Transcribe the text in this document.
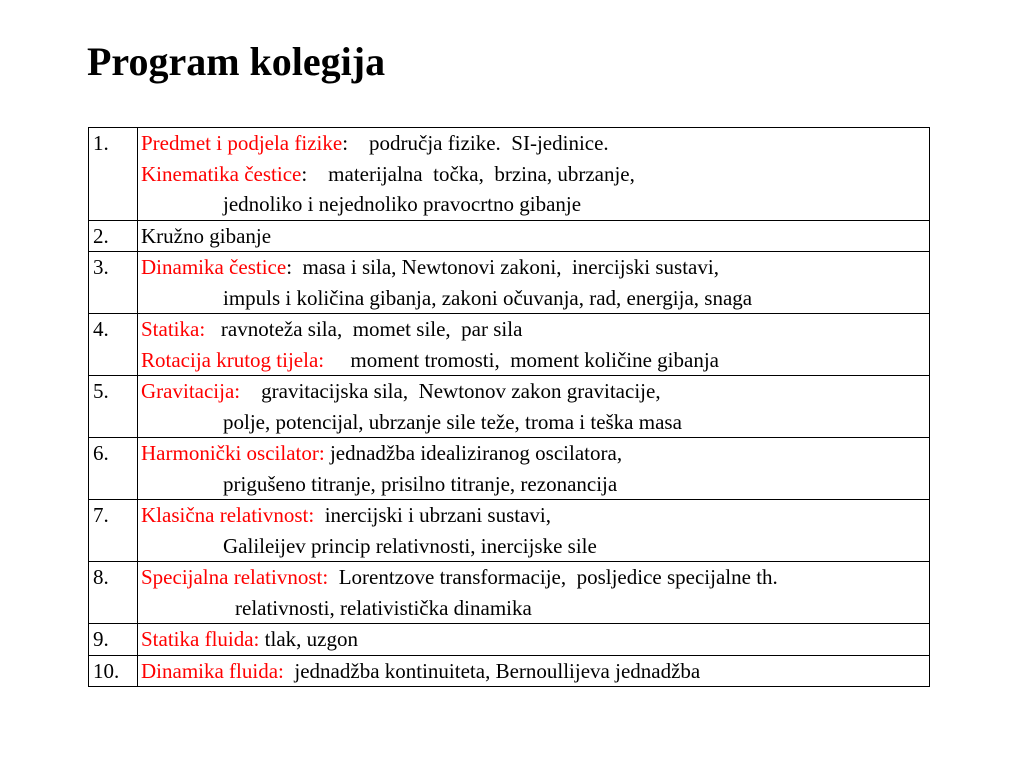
Program kolegija
1.	Predmet i podjela fizike:    područja fizike.  SI-jedinice.
Kinematika čestice:    materijalna  točka,  brzina, ubrzanje,
jednoliko i nejednoliko pravocrtno gibanje

2.	Kružno gibanje

3.	Dinamika čestice:  masa i sila, Newtonovi zakoni,  inercijski sustavi,
impuls i količina gibanja, zakoni očuvanja, rad, energija, snaga

4.	Statika:   ravnoteža sila,  momet sile,  par sila
Rotacija krutog tijela:     moment tromosti,  moment količine gibanja

5.	Gravitacija:    gravitacijska sila,  Newtonov zakon gravitacije,
polje, potencijal, ubrzanje sile teže, troma i teška masa

6.	Harmonički oscilator: jednadžba idealiziranog oscilatora,
prigušeno titranje, prisilno titranje, rezonancija

7.	Klasična relativnost:  inercijski i ubrzani sustavi,
Galileijev princip relativnosti, inercijske sile

8.	Specijalna relativnost:  Lorentzove transformacije,  posljedice specijalne th.
relativnosti, relativistička dinamika

9.	Statika fluida: tlak, uzgon

10.	Dinamika fluida:  jednadžba kontinuiteta, Bernoullijeva jednadžba
